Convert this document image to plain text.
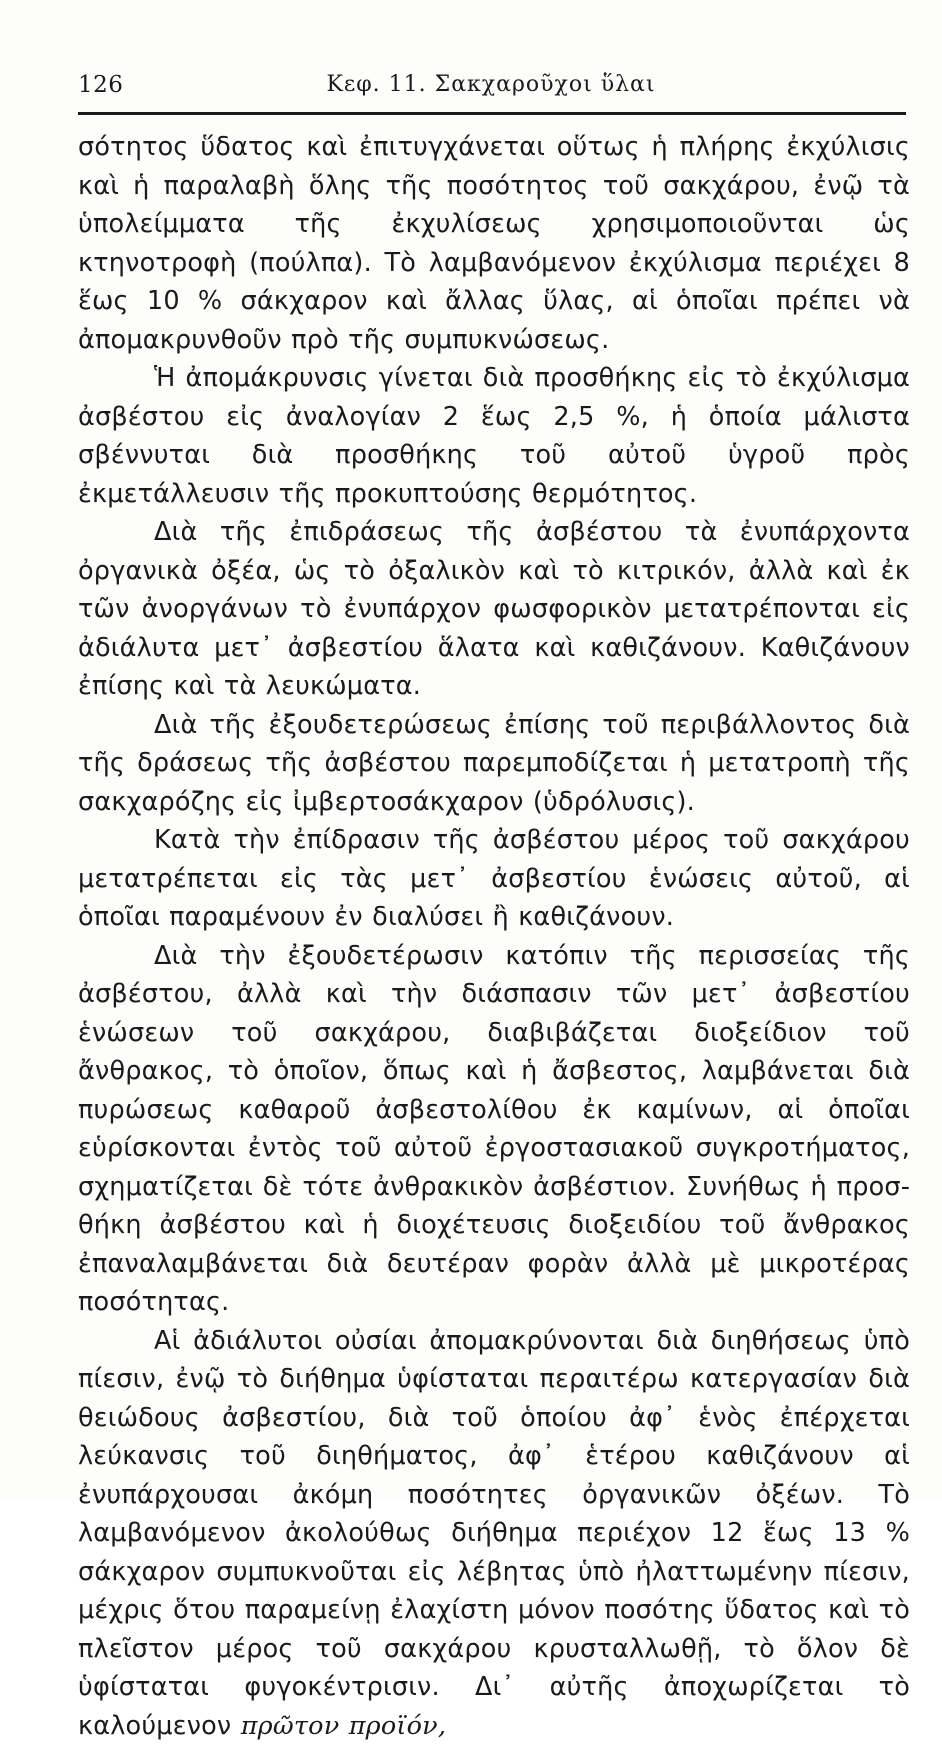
126	Κεφ. 11. Σακχαροῦχοι ὕλαι

σότητος ὕδατος καὶ ἐπιτυγχάνεται οὕτως ἡ πλήρης ἐκχύλισις καὶ ἡ παραλαβὴ ὅλης τῆς ποσότητος τοῦ σακχάρου, ἐνῷ τὰ ὑπολείμματα τῆς ἐκχυλίσεως χρησιμοποιοῦνται ὡς κτηνοτροφὴ (πούλπα). Τὸ λαμβανόμενον ἐκχύλισμα περιέχει 8 ἕως 10 % σάκχαρον καὶ ἄλλας ὕλας, αἱ ὁποῖαι πρέπει νὰ ἀπομακρυνθοῦν πρὸ τῆς συμπυκνώσεως.

Ἡ ἀπομάκρυνσις γίνεται διὰ προσθήκης εἰς τὸ ἐκχύλισμα ἀσβέστου εἰς ἀναλογίαν 2 ἕως 2,5 %, ἡ ὁποία μάλιστα σβέννυται διὰ προσθήκης τοῦ αὐτοῦ ὑγροῦ πρὸς ἐκμετάλλευσιν τῆς προκυπτούσης θερμότητος.

Διὰ τῆς ἐπιδράσεως τῆς ἀσβέστου τὰ ἐνυπάρχοντα ὀργανικὰ ὀξέα, ὡς τὸ ὀξαλικὸν καὶ τὸ κιτρικόν, ἀλλὰ καὶ ἐκ τῶν ἀνοργάνων τὸ ἐνυπάρχον φωσφορικὸν μετατρέπονται εἰς ἀδιάλυτα μετ᾽ ἀσβεστίου ἅλατα καὶ καθιζάνουν. Καθιζάνουν ἐπίσης καὶ τὰ λευκώματα.

Διὰ τῆς ἐξουδετερώσεως ἐπίσης τοῦ περιβάλλοντος διὰ τῆς δράσεως τῆς ἀσβέστου παρεμποδίζεται ἡ μετατροπὴ τῆς σακχαρόζης εἰς ἰμβερτοσάκχαρον (ὑδρόλυσις).

Κατὰ τὴν ἐπίδρασιν τῆς ἀσβέστου μέρος τοῦ σακχάρου μετατρέπεται εἰς τὰς μετ᾽ ἀσβεστίου ἑνώσεις αὐτοῦ, αἱ ὁποῖαι παραμένουν ἐν διαλύσει ἢ καθιζάνουν.

Διὰ τὴν ἐξουδετέρωσιν κατόπιν τῆς περισσείας τῆς ἀσβέστου, ἀλλὰ καὶ τὴν διάσπασιν τῶν μετ᾽ ἀσβεστίου ἑνώσεων τοῦ σακχάρου, διαβιβάζεται διοξείδιον τοῦ ἄνθρακος, τὸ ὁποῖον, ὅπως καὶ ἡ ἄσβεστος, λαμβάνεται διὰ πυρώσεως καθαροῦ ἀσβεστολίθου ἐκ καμίνων, αἱ ὁποῖαι εὑρίσκονται ἐντὸς τοῦ αὐτοῦ ἐργοστασιακοῦ συγκροτήματος, σχηματίζεται δὲ τότε ἀνθρακικὸν ἀσβέστιον. Συνήθως ἡ προσθήκη ἀσβέστου καὶ ἡ διοχέτευσις διοξειδίου τοῦ ἄνθρακος ἐπαναλαμβάνεται διὰ δευτέραν φορὰν ἀλλὰ μὲ μικροτέρας ποσότητας.

Αἱ ἀδιάλυτοι οὐσίαι ἀπομακρύνονται διὰ διηθήσεως ὑπὸ πίεσιν, ἐνῷ τὸ διήθημα ὑφίσταται περαιτέρω κατεργασίαν διὰ θειώδους ἀσβεστίου, διὰ τοῦ ὁποίου ἀφ᾽ ἑνὸς ἐπέρχεται λεύκανσις τοῦ διηθήματος, ἀφ᾽ ἑτέρου καθιζάνουν αἱ ἐνυπάρχουσαι ἀκόμη ποσότητες ὀργανικῶν ὀξέων. Τὸ λαμβανόμενον ἀκολούθως διήθημα περιέχον 12 ἕως 13 % σάκχαρον συμπυκνοῦται εἰς λέβητας ὑπὸ ἠλαττωμένην πίεσιν, μέχρις ὅτου παραμείνῃ ἐλαχίστη μόνον ποσότης ὕδατος καὶ τὸ πλεῖστον μέρος τοῦ σακχάρου κρυσταλλωθῇ, τὸ ὅλον δὲ ὑφίσταται φυγοκέντρισιν. Δι᾽ αὐτῆς ἀποχωρίζεται τὸ καλούμενον πρῶτον προϊόν,
